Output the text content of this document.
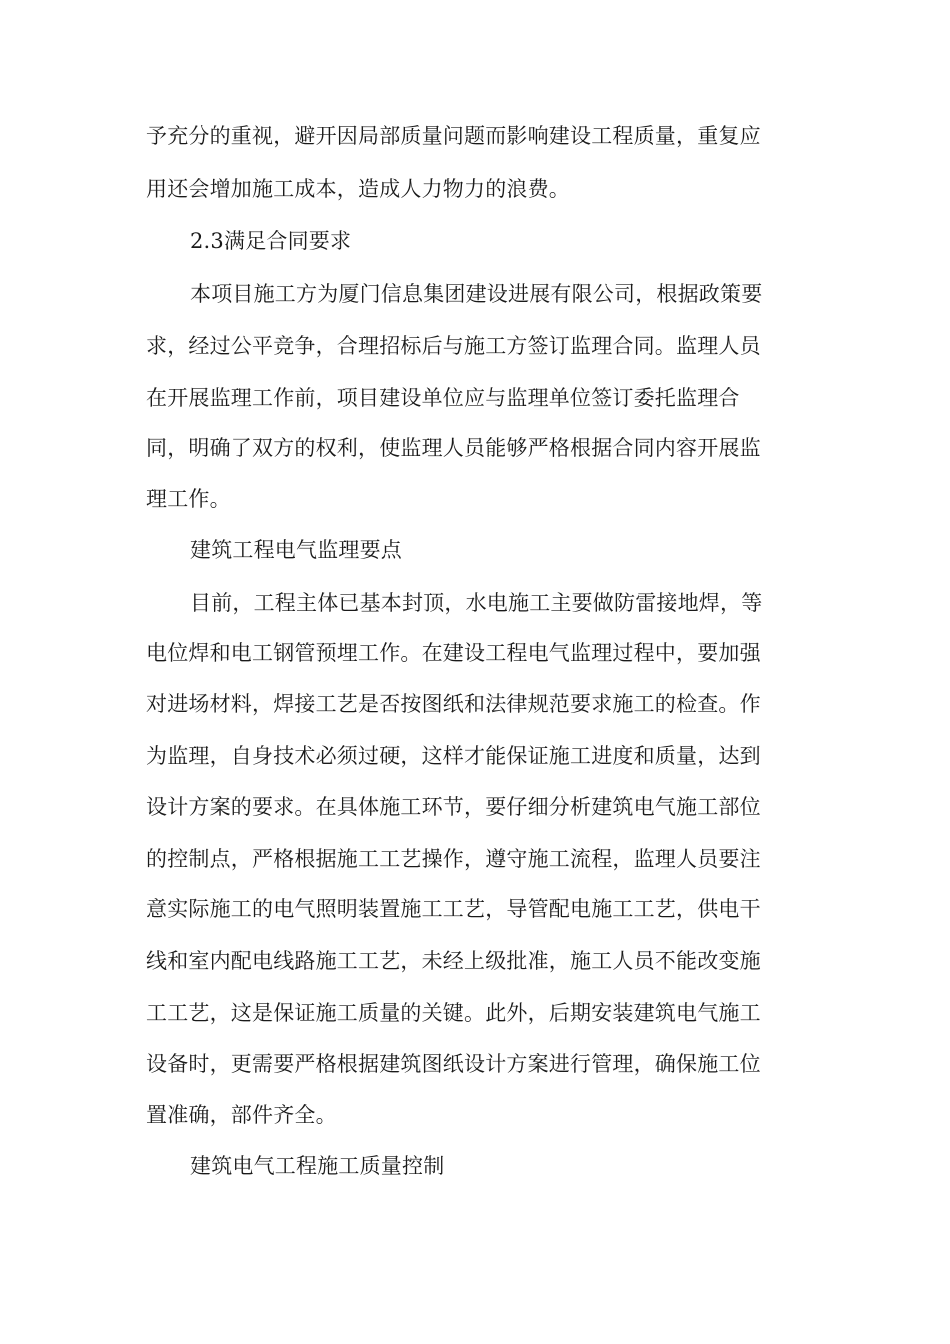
予充分的重视，避开因局部质量问题而影响建设工程质量，重复应
用还会增加施工成本，造成人力物力的浪费。
2.3满足合同要求
本项目施工方为厦门信息集团建设进展有限公司，根据政策要
求，经过公平竞争，合理招标后与施工方签订监理合同。监理人员
在开展监理工作前，项目建设单位应与监理单位签订委托监理合
同，明确了双方的权利，使监理人员能够严格根据合同内容开展监
理工作。
建筑工程电气监理要点
目前，工程主体已基本封顶，水电施工主要做防雷接地焊，等
电位焊和电工钢管预埋工作。在建设工程电气监理过程中，要加强
对进场材料，焊接工艺是否按图纸和法律规范要求施工的检查。作
为监理，自身技术必须过硬，这样才能保证施工进度和质量，达到
设计方案的要求。在具体施工环节，要仔细分析建筑电气施工部位
的控制点，严格根据施工工艺操作，遵守施工流程，监理人员要注
意实际施工的电气照明装置施工工艺，导管配电施工工艺，供电干
线和室内配电线路施工工艺，未经上级批准，施工人员不能改变施
工工艺，这是保证施工质量的关键。此外，后期安装建筑电气施工
设备时，更需要严格根据建筑图纸设计方案进行管理，确保施工位
置准确，部件齐全。
建筑电气工程施工质量控制
